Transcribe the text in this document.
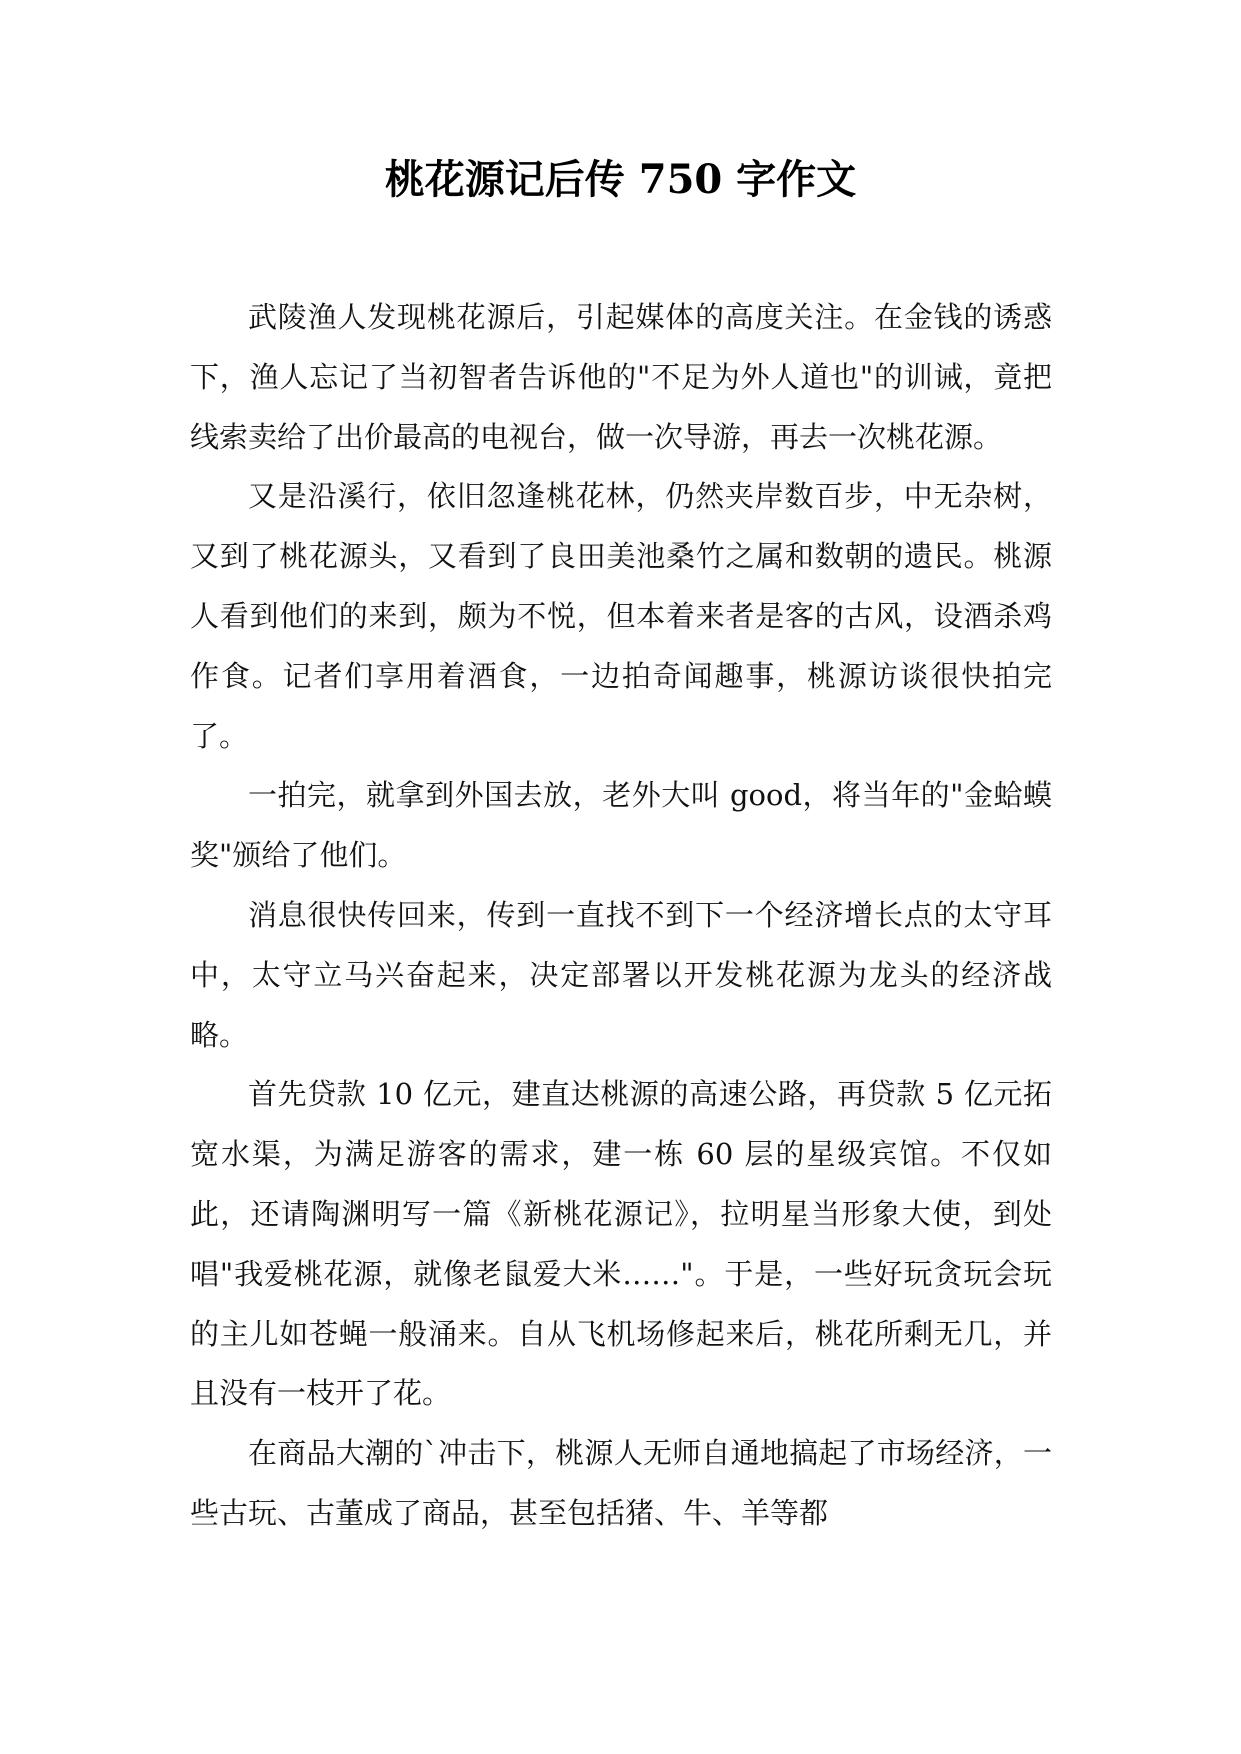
桃花源记后传 750 字作文

武陵渔人发现桃花源后，引起媒体的高度关注。在金钱的诱惑下，渔人忘记了当初智者告诉他的"不足为外人道也"的训诫，竟把线索卖给了出价最高的电视台，做一次导游，再去一次桃花源。

又是沿溪行，依旧忽逢桃花林，仍然夹岸数百步，中无杂树，又到了桃花源头，又看到了良田美池桑竹之属和数朝的遗民。桃源人看到他们的来到，颇为不悦，但本着来者是客的古风，设酒杀鸡作食。记者们享用着酒食，一边拍奇闻趣事，桃源访谈很快拍完了。

一拍完，就拿到外国去放，老外大叫 good，将当年的"金蛤蟆奖"颁给了他们。

消息很快传回来，传到一直找不到下一个经济增长点的太守耳中，太守立马兴奋起来，决定部署以开发桃花源为龙头的经济战略。

首先贷款 10 亿元，建直达桃源的高速公路，再贷款 5 亿元拓宽水渠，为满足游客的需求，建一栋 60 层的星级宾馆。不仅如此，还请陶渊明写一篇《新桃花源记》，拉明星当形象大使，到处唱"我爱桃花源，就像老鼠爱大米……"。于是，一些好玩贪玩会玩的主儿如苍蝇一般涌来。自从飞机场修起来后，桃花所剩无几，并且没有一枝开了花。

在商品大潮的`冲击下，桃源人无师自通地搞起了市场经济，一些古玩、古董成了商品，甚至包括猪、牛、羊等都
